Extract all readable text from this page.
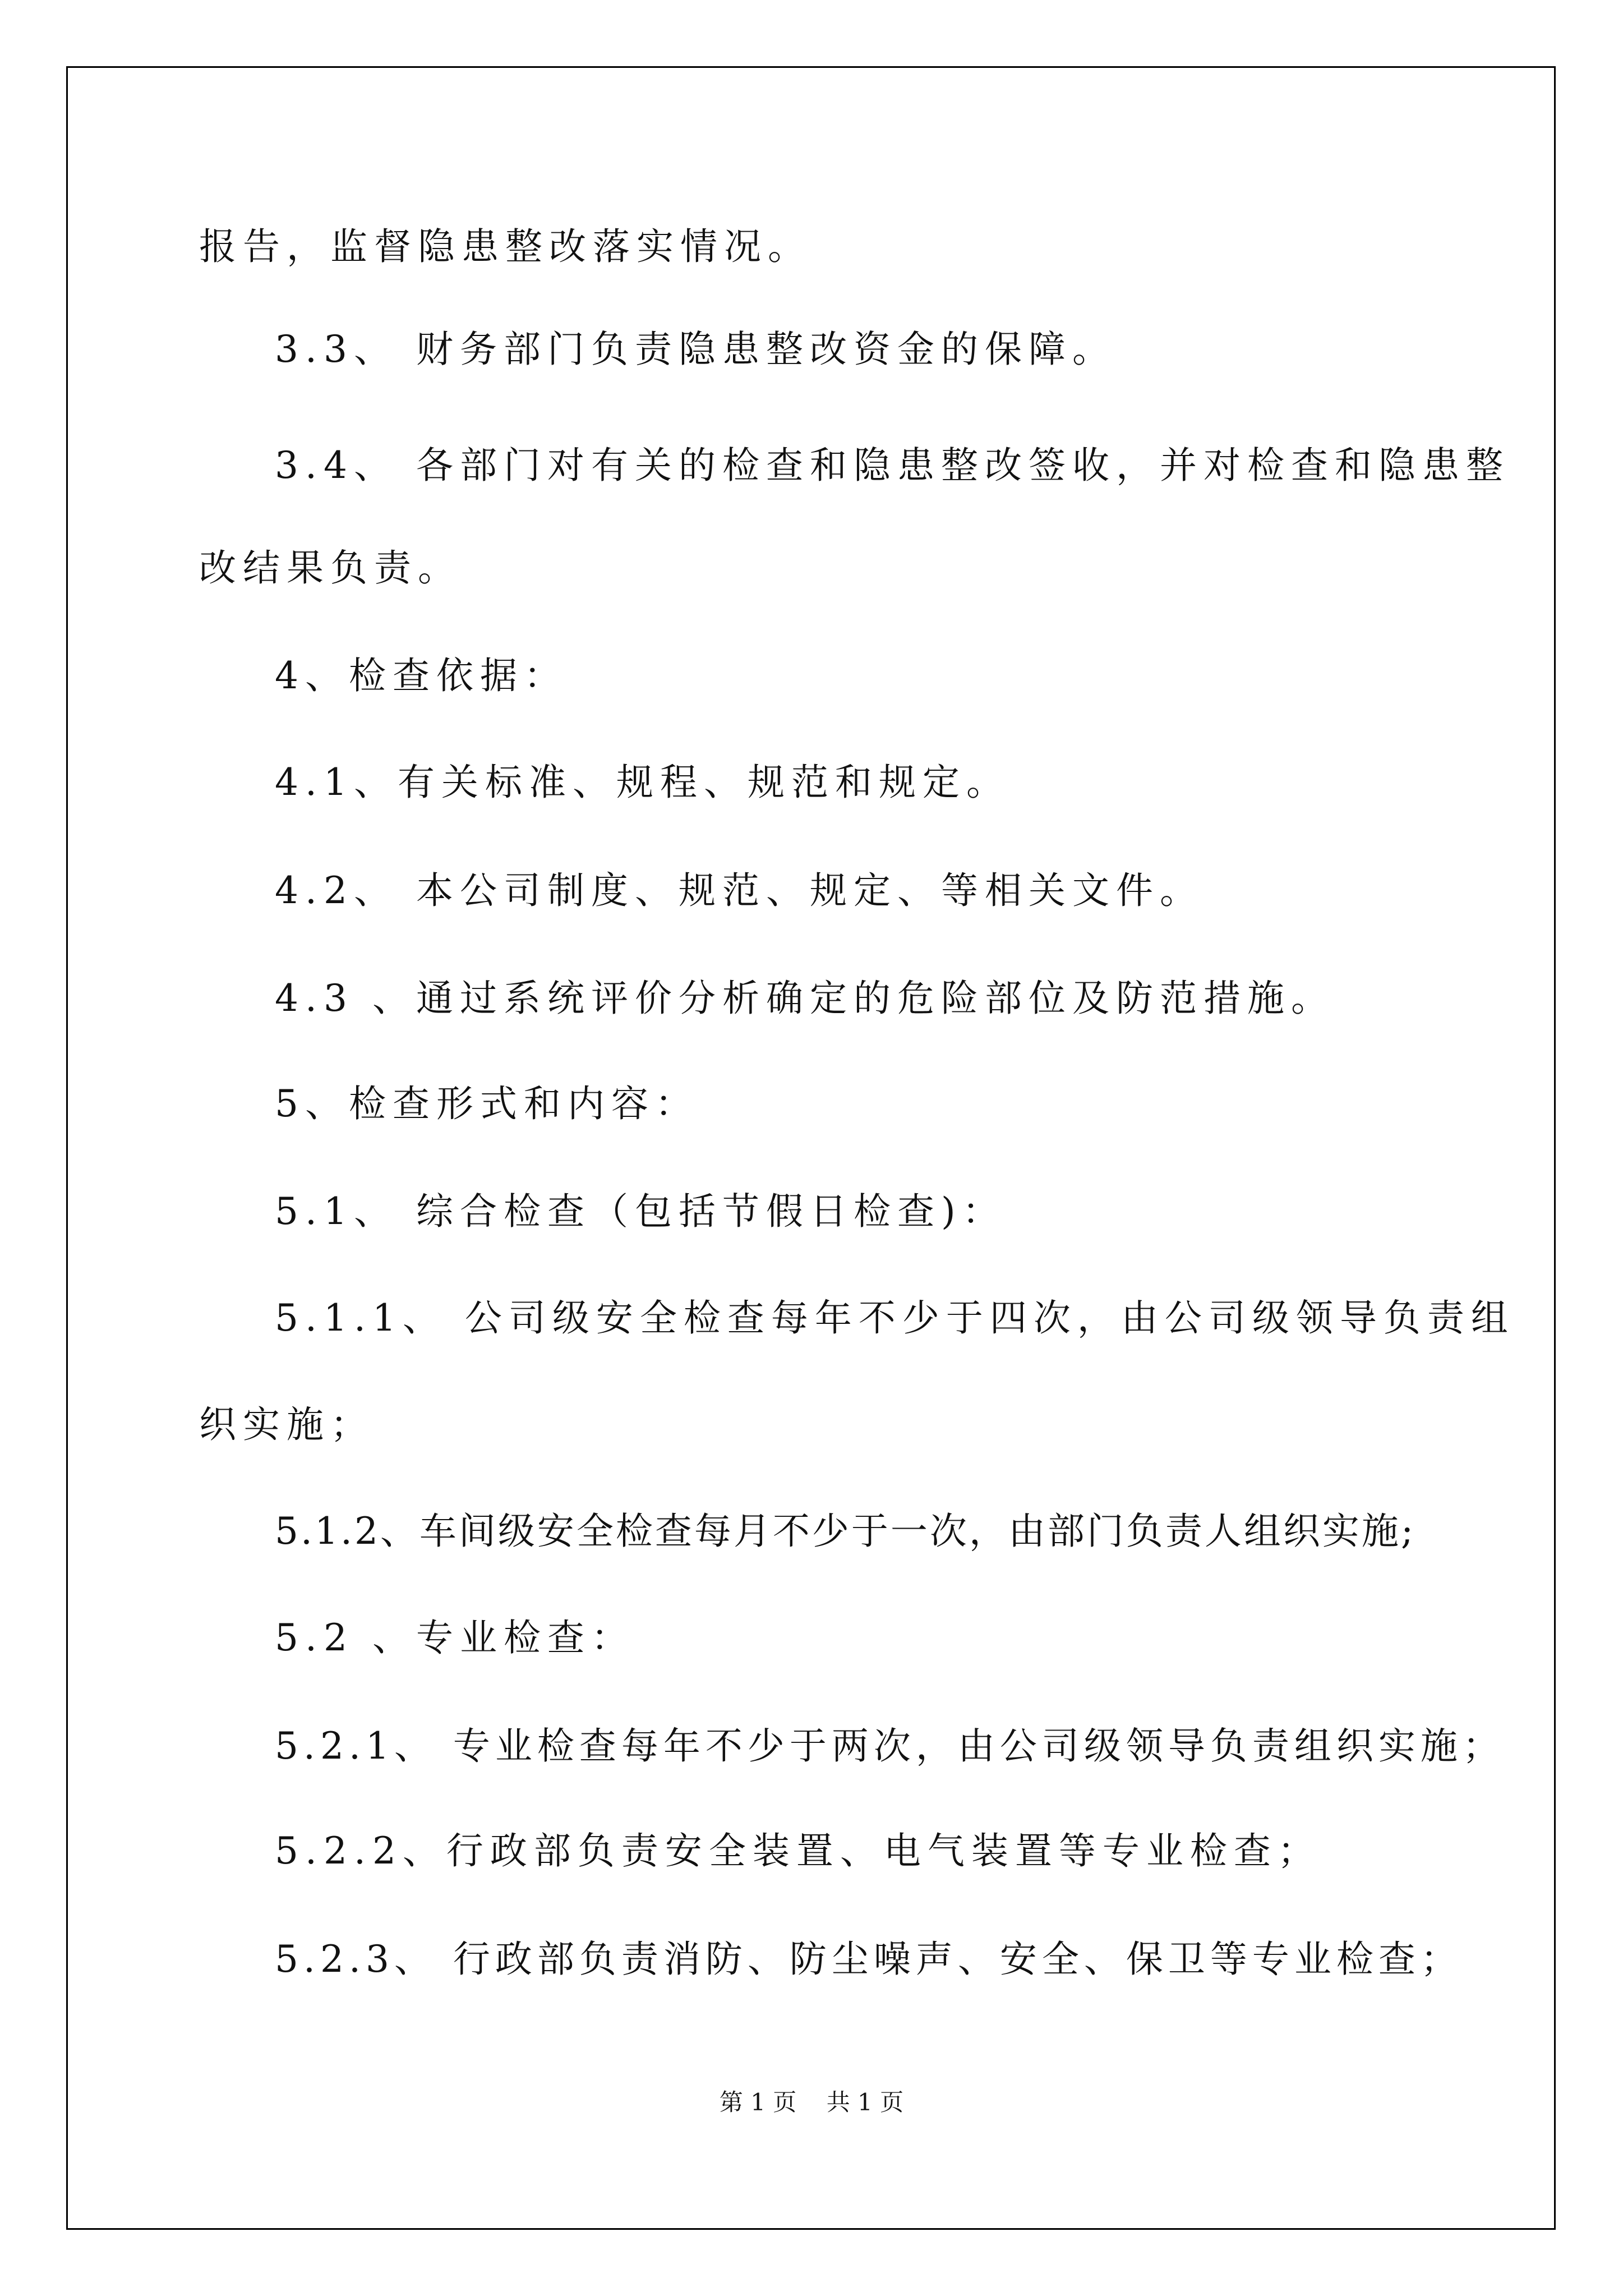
报告，监督隐患整改落实情况。

3.3、 财务部门负责隐患整改资金的保障。

3.4、 各部门对有关的检查和隐患整改签收，并对检查和隐患整

改结果负责。

4、检查依据：

4.1、有关标准、规程、规范和规定。

4.2、 本公司制度、规范、规定、等相关文件。

4.3 、通过系统评价分析确定的危险部位及防范措施。

5、检查形式和内容：

5.1、 综合检查（包括节假日检查)：

5.1.1、 公司级安全检查每年不少于四次，由公司级领导负责组

织实施；

5.1.2、车间级安全检查每月不少于一次，由部门负责人组织实施;

5.2 、专业检查：

5.2.1、 专业检查每年不少于两次，由公司级领导负责组织实施；

5.2.2、行政部负责安全装置、电气装置等专业检查；

5.2.3、 行政部负责消防、防尘噪声、安全、保卫等专业检查；

第 1 页    共 1 页
